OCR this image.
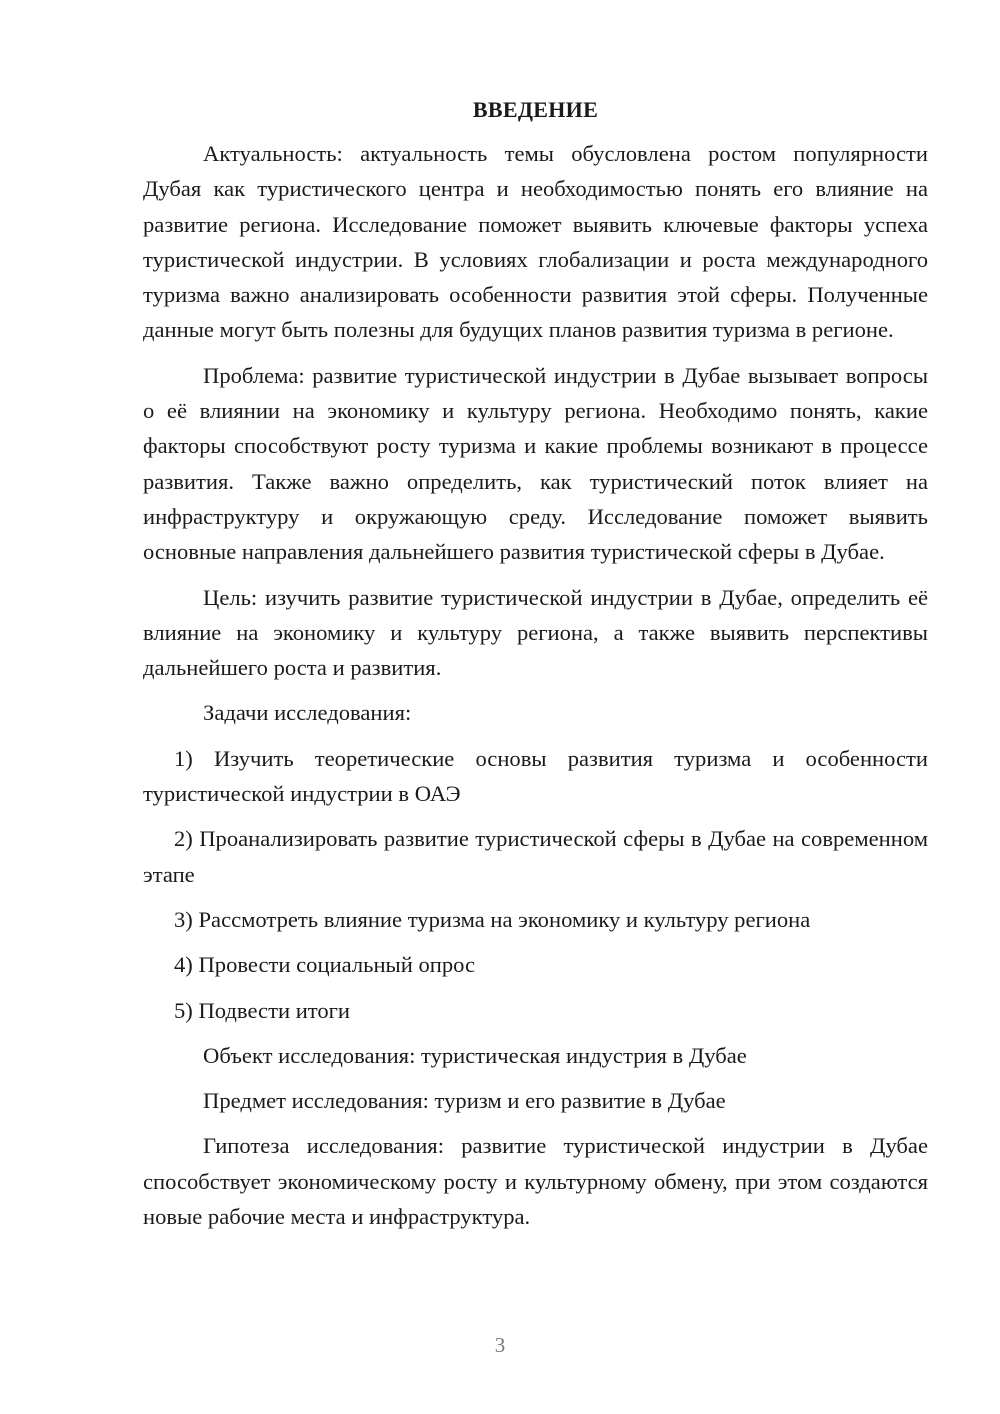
ВВЕДЕНИЕ

Актуальность: актуальность темы обусловлена ростом популярности Дубая как туристического центра и необходимостью понять его влияние на развитие региона. Исследование поможет выявить ключевые факторы успеха туристической индустрии. В условиях глобализации и роста международного туризма важно анализировать особенности развития этой сферы. Полученные данные могут быть полезны для будущих планов развития туризма в регионе.

Проблема: развитие туристической индустрии в Дубае вызывает вопросы о её влиянии на экономику и культуру региона. Необходимо понять, какие факторы способствуют росту туризма и какие проблемы возникают в процессе развития. Также важно определить, как туристический поток влияет на инфраструктуру и окружающую среду. Исследование поможет выявить основные направления дальнейшего развития туристической сферы в Дубае.

Цель: изучить развитие туристической индустрии в Дубае, определить её влияние на экономику и культуру региона, а также выявить перспективы дальнейшего роста и развития.

Задачи исследования:

1) Изучить теоретические основы развития туризма и особенности туристической индустрии в ОАЭ

2) Проанализировать развитие туристической сферы в Дубае на современном этапе

3) Рассмотреть влияние туризма на экономику и культуру региона

4) Провести социальный опрос

5) Подвести итоги

Объект исследования: туристическая индустрия в Дубае

Предмет исследования: туризм и его развитие в Дубае

Гипотеза исследования: развитие туристической индустрии в Дубае способствует экономическому росту и культурному обмену, при этом создаются новые рабочие места и инфраструктура.

3
